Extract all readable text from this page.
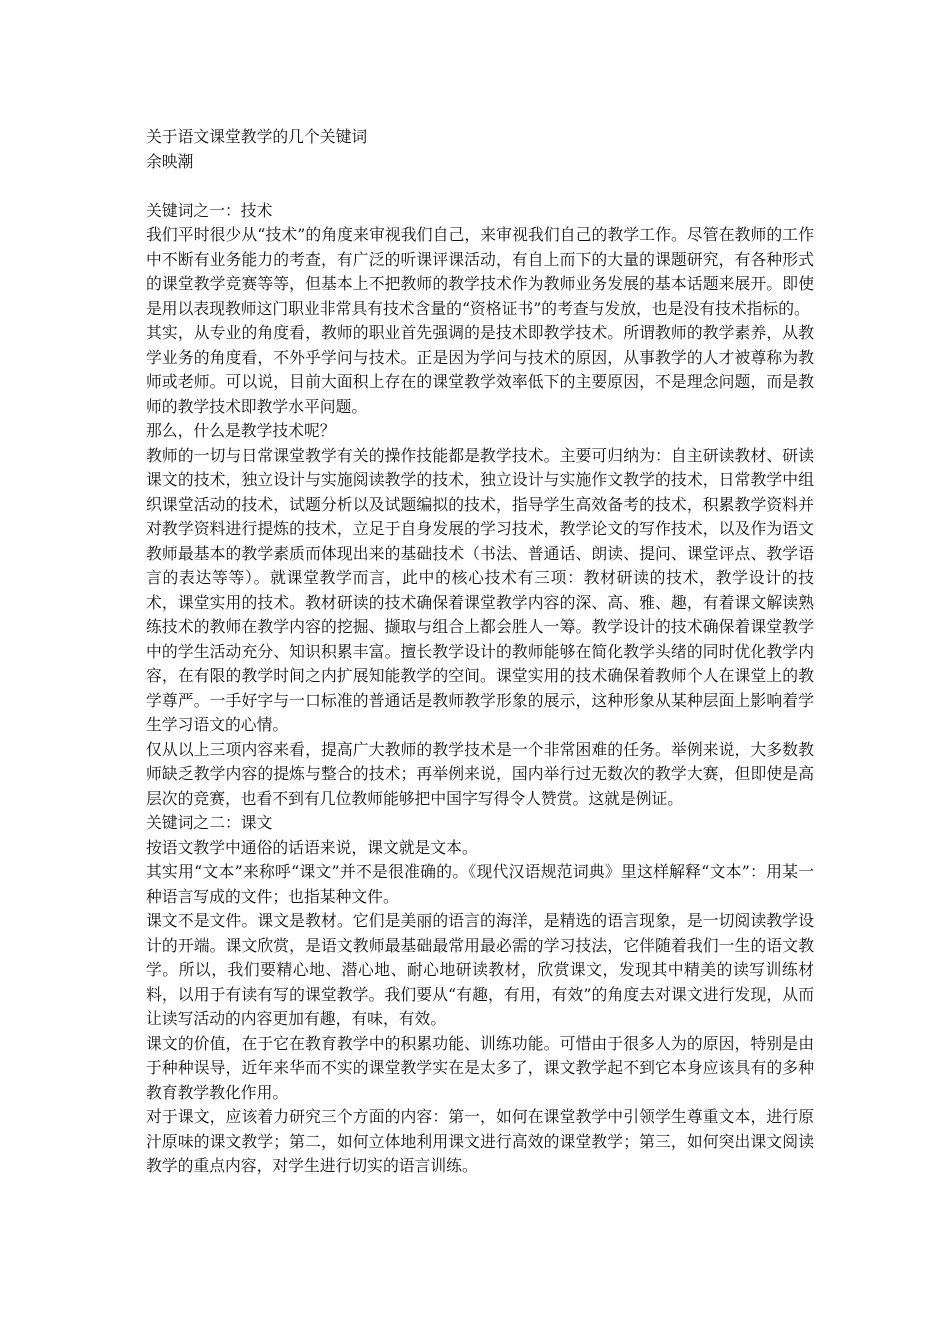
关于语文课堂教学的几个关键词

余映潮

关键词之一：技术

我们平时很少从“技术”的角度来审视我们自己，来审视我们自己的教学工作。尽管在教师的工作中不断有业务能力的考查，有广泛的听课评课活动，有自上而下的大量的课题研究，有各种形式的课堂教学竞赛等等，但基本上不把教师的教学技术作为教师业务发展的基本话题来展开。即使是用以表现教师这门职业非常具有技术含量的“资格证书”的考查与发放，也是没有技术指标的。

其实，从专业的角度看，教师的职业首先强调的是技术即教学技术。所谓教师的教学素养，从教学业务的角度看，不外乎学问与技术。正是因为学问与技术的原因，从事教学的人才被尊称为教师或老师。可以说，目前大面积上存在的课堂教学效率低下的主要原因，不是理念问题，而是教师的教学技术即教学水平问题。

那么，什么是教学技术呢？

教师的一切与日常课堂教学有关的操作技能都是教学技术。主要可归纳为：自主研读教材、研读课文的技术，独立设计与实施阅读教学的技术，独立设计与实施作文教学的技术，日常教学中组织课堂活动的技术，试题分析以及试题编拟的技术，指导学生高效备考的技术，积累教学资料并对教学资料进行提炼的技术，立足于自身发展的学习技术，教学论文的写作技术，以及作为语文教师最基本的教学素质而体现出来的基础技术（书法、普通话、朗读、提问、课堂评点、教学语言的表达等等）。就课堂教学而言，此中的核心技术有三项：教材研读的技术，教学设计的技术，课堂实用的技术。教材研读的技术确保着课堂教学内容的深、高、雅、趣，有着课文解读熟练技术的教师在教学内容的挖掘、撷取与组合上都会胜人一筹。教学设计的技术确保着课堂教学中的学生活动充分、知识积累丰富。擅长教学设计的教师能够在简化教学头绪的同时优化教学内容，在有限的教学时间之内扩展知能教学的空间。课堂实用的技术确保着教师个人在课堂上的教学尊严。一手好字与一口标准的普通话是教师教学形象的展示，这种形象从某种层面上影响着学生学习语文的心情。

仅从以上三项内容来看，提高广大教师的教学技术是一个非常困难的任务。举例来说，大多数教师缺乏教学内容的提炼与整合的技术；再举例来说，国内举行过无数次的教学大赛，但即使是高层次的竞赛，也看不到有几位教师能够把中国字写得令人赞赏。这就是例证。

关键词之二：课文

按语文教学中通俗的话语来说，课文就是文本。

其实用“文本”来称呼“课文”并不是很准确的。《现代汉语规范词典》里这样解释“文本”：用某一种语言写成的文件；也指某种文件。

课文不是文件。课文是教材。它们是美丽的语言的海洋，是精选的语言现象，是一切阅读教学设计的开端。课文欣赏，是语文教师最基础最常用最必需的学习技法，它伴随着我们一生的语文教学。所以，我们要精心地、潜心地、耐心地研读教材，欣赏课文，发现其中精美的读写训练材料，以用于有读有写的课堂教学。我们要从“有趣，有用，有效”的角度去对课文进行发现，从而让读写活动的内容更加有趣，有味，有效。

课文的价值，在于它在教育教学中的积累功能、训练功能。可惜由于很多人为的原因，特别是由于种种误导，近年来华而不实的课堂教学实在是太多了，课文教学起不到它本身应该具有的多种教育教学教化作用。

对于课文，应该着力研究三个方面的内容：第一，如何在课堂教学中引领学生尊重文本，进行原汁原味的课文教学；第二，如何立体地利用课文进行高效的课堂教学；第三，如何突出课文阅读教学的重点内容，对学生进行切实的语言训练。
